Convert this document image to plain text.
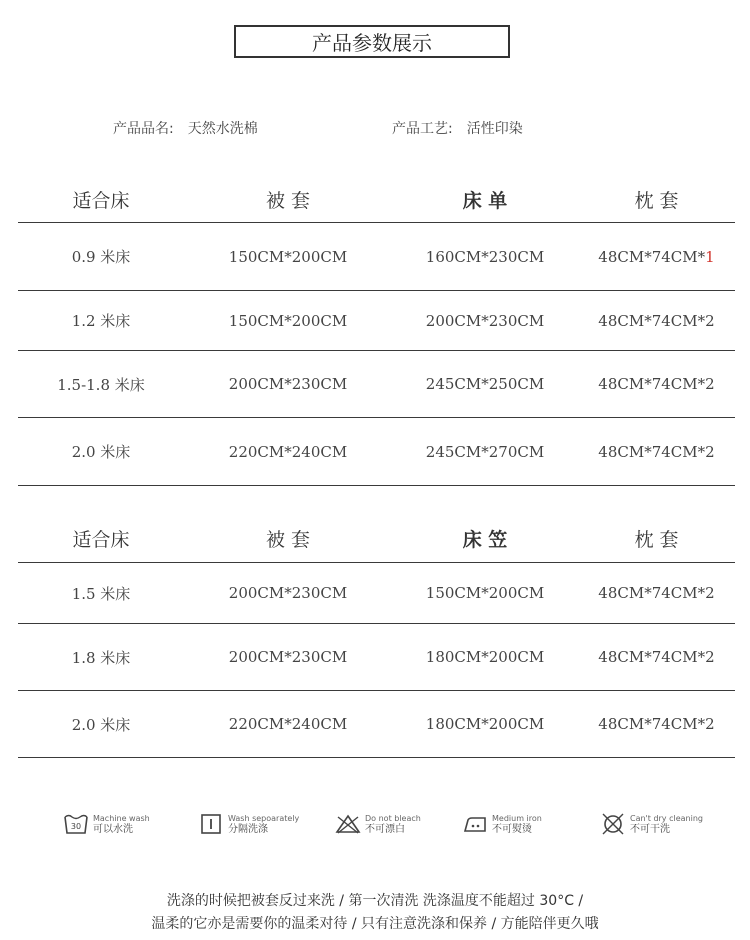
产品参数展示
产品品名: 天然水洗棉	产品工艺: 活性印染
适合床	被 套	床 单	枕 套
0.9 米床	150CM*200CM	160CM*230CM	48CM*74CM*1
1.2 米床	150CM*200CM	200CM*230CM	48CM*74CM*2
1.5-1.8 米床	200CM*230CM	245CM*250CM	48CM*74CM*2
2.0 米床	220CM*240CM	245CM*270CM	48CM*74CM*2
适合床	被 套	床 笠	枕 套
1.5 米床	200CM*230CM	150CM*200CM	48CM*74CM*2
1.8 米床	200CM*230CM	180CM*200CM	48CM*74CM*2
2.0 米床	220CM*240CM	180CM*200CM	48CM*74CM*2
30
Machine wash
可以水洗
Wash sepoarately
分隔洗涤
Do not bleach
不可漂白
Medium iron
不可熨烫
Can't dry cleaning
不可干洗
洗涤的时候把被套反过来洗 / 第一次清洗 洗涤温度不能超过 30°C /
温柔的它亦是需要你的温柔对待 / 只有注意洗涤和保养 / 方能陪伴更久哦
